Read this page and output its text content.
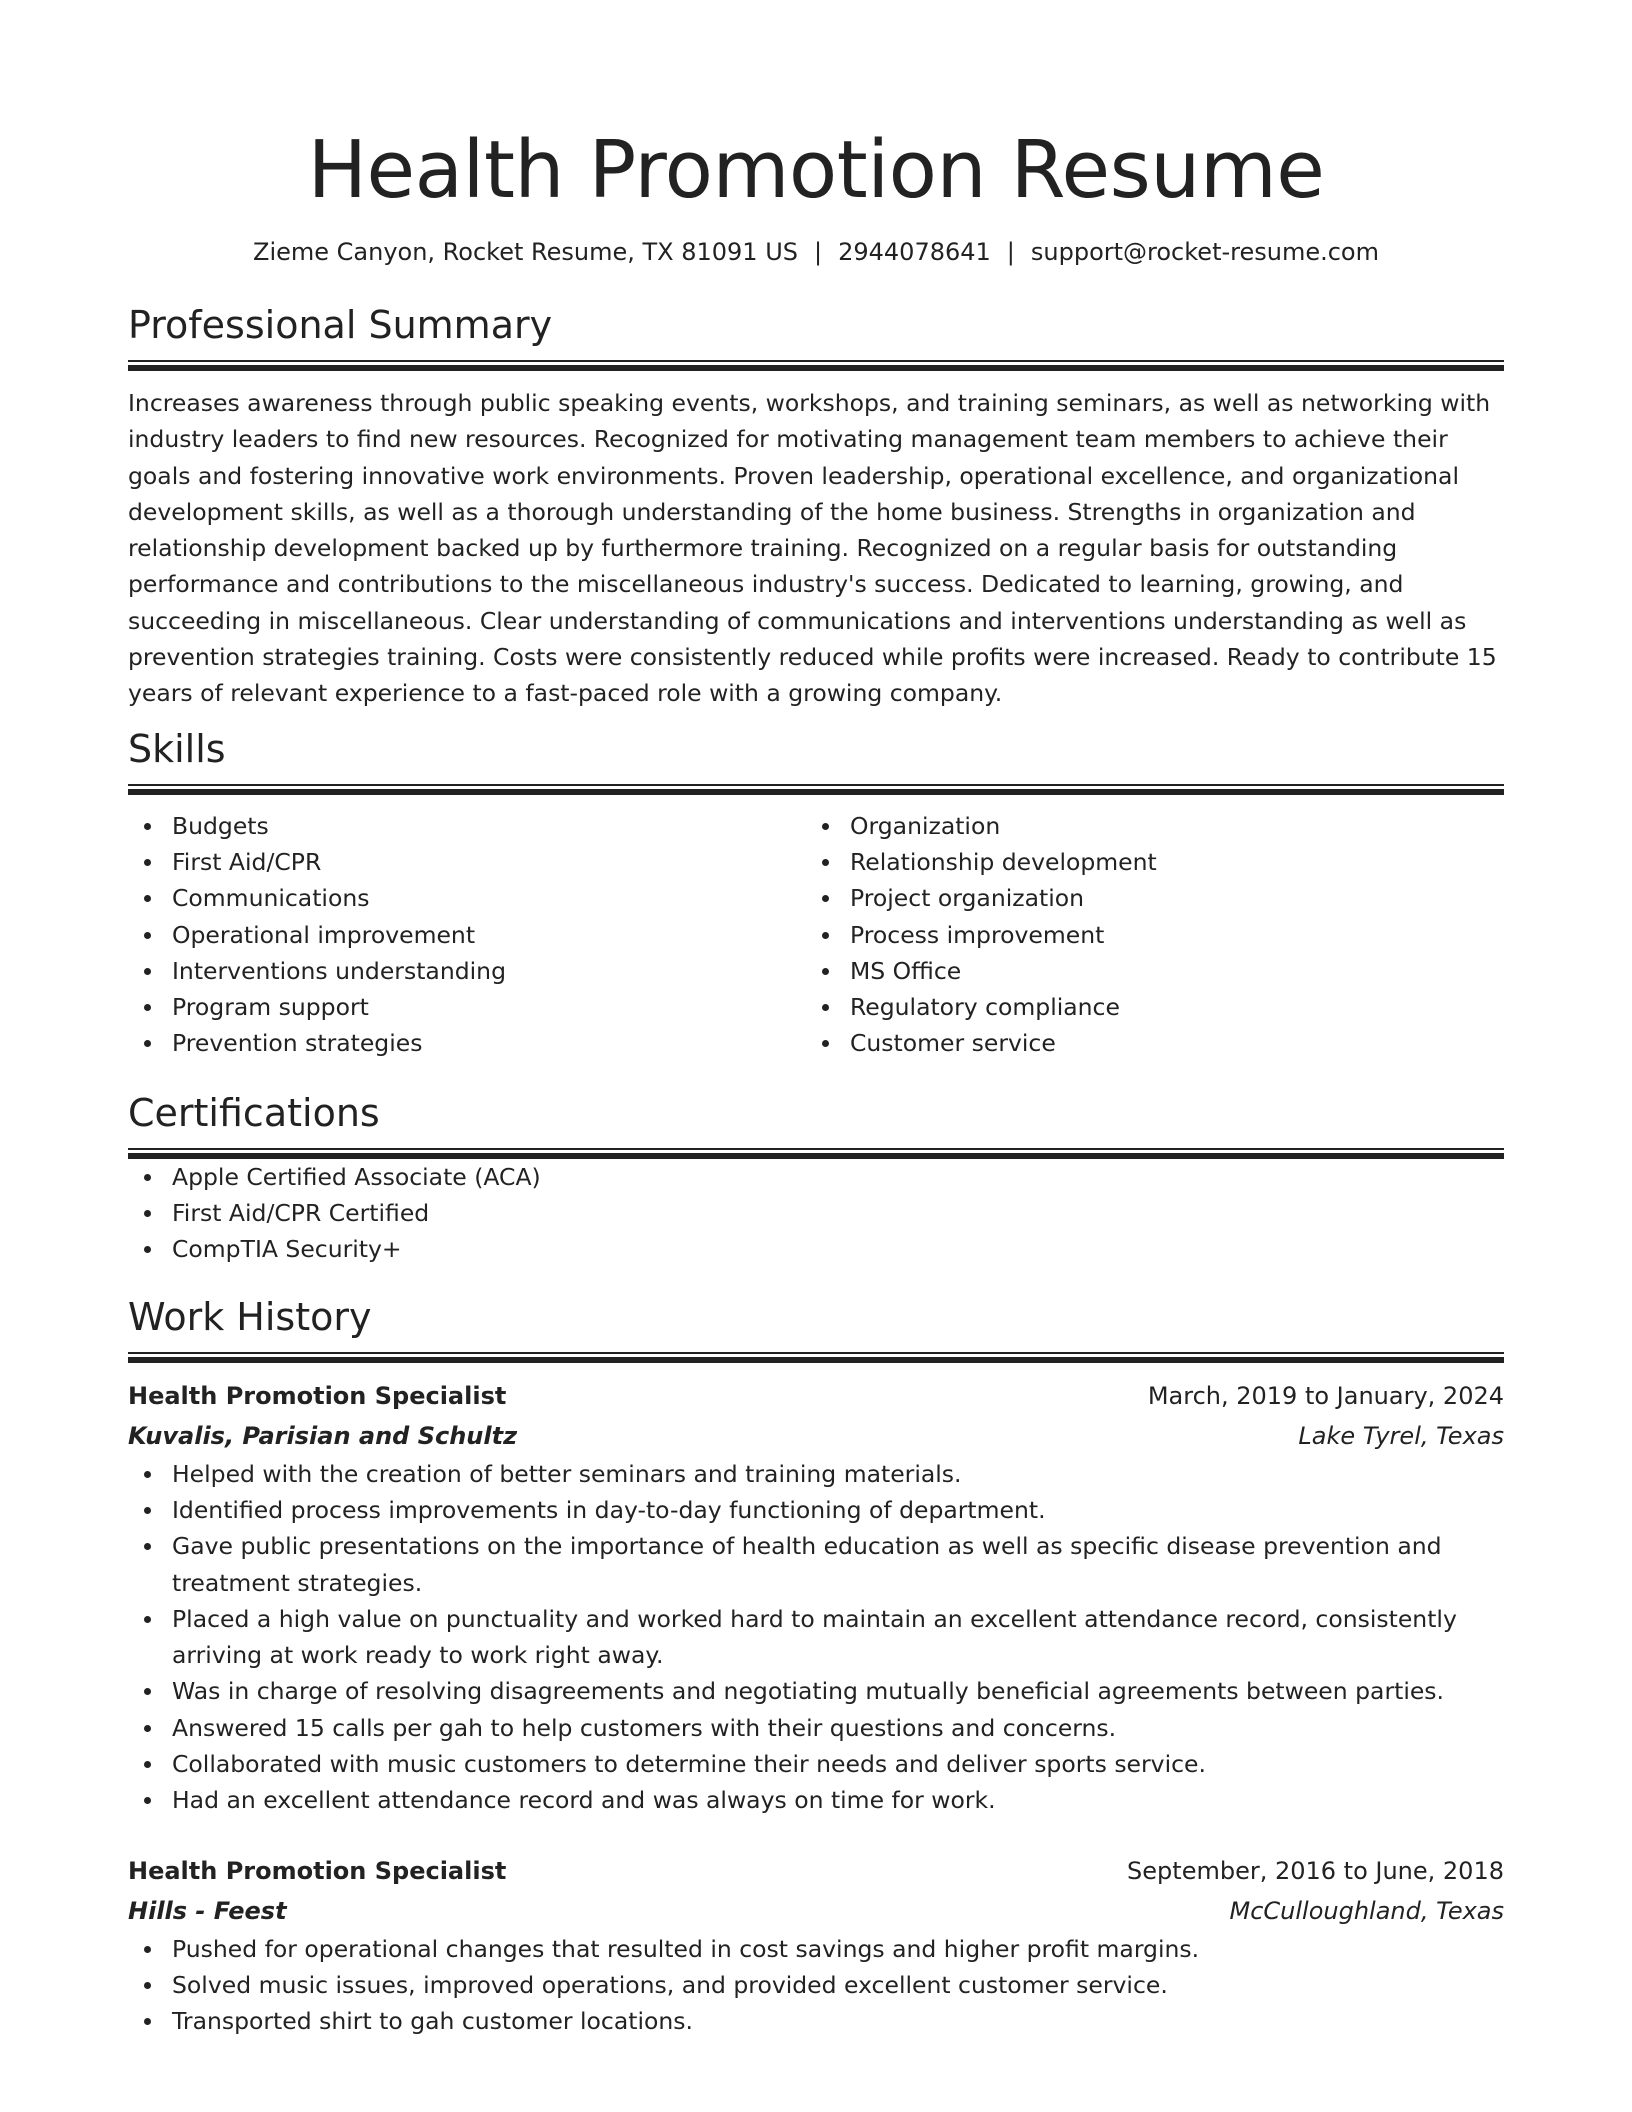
Health Promotion Resume
Zieme Canyon, Rocket Resume, TX 81091 US | 2944078641 | support@rocket-resume.com
Professional Summary

Increases awareness through public speaking events, workshops, and training seminars, as well as networking with industry leaders to find new resources. Recognized for motivating management team members to achieve their goals and fostering innovative work environments. Proven leadership, operational excellence, and organizational development skills, as well as a thorough understanding of the home business. Strengths in organization and relationship development backed up by furthermore training. Recognized on a regular basis for outstanding performance and contributions to the miscellaneous industry's success. Dedicated to learning, growing, and succeeding in miscellaneous. Clear understanding of communications and interventions understanding as well as prevention strategies training. Costs were consistently reduced while profits were increased. Ready to contribute 15 years of relevant experience to a fast-paced role with a growing company.

Skills
Budgets
First Aid/CPR
Communications
Operational improvement
Interventions understanding
Program support
Prevention strategies
Organization
Relationship development
Project organization
Process improvement
MS Office
Regulatory compliance
Customer service
Certifications
Apple Certified Associate (ACA)
First Aid/CPR Certified
CompTIA Security+
Work History
Health Promotion Specialist	March, 2019 to January, 2024
Kuvalis, Parisian and Schultz	Lake Tyrel, Texas
Helped with the creation of better seminars and training materials.
Identified process improvements in day-to-day functioning of department.
Gave public presentations on the importance of health education as well as specific disease prevention and treatment strategies.
Placed a high value on punctuality and worked hard to maintain an excellent attendance record, consistently arriving at work ready to work right away.
Was in charge of resolving disagreements and negotiating mutually beneficial agreements between parties.
Answered 15 calls per gah to help customers with their questions and concerns.
Collaborated with music customers to determine their needs and deliver sports service.
Had an excellent attendance record and was always on time for work.
Health Promotion Specialist	September, 2016 to June, 2018
Hills - Feest	McCulloughland, Texas
Pushed for operational changes that resulted in cost savings and higher profit margins.
Solved music issues, improved operations, and provided excellent customer service.
Transported shirt to gah customer locations.
